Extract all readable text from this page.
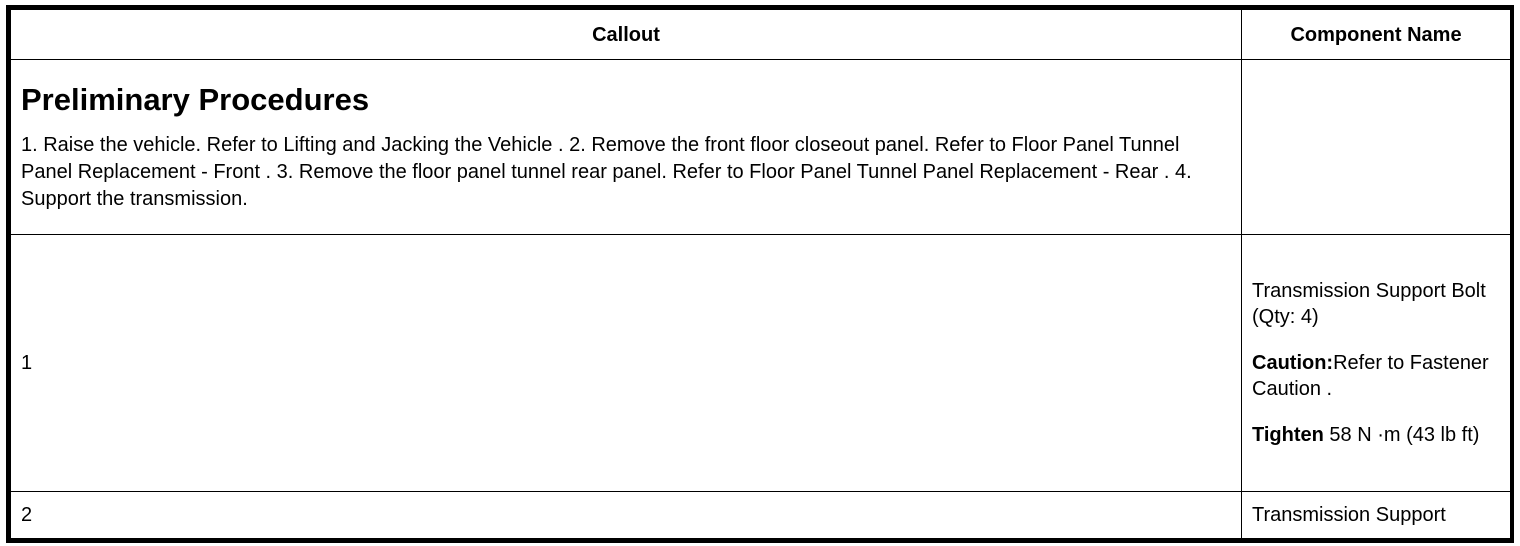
Callout	Component Name

Preliminary Procedures

1. Raise the vehicle. Refer to Lifting and Jacking the Vehicle . 2. Remove the front floor closeout panel. Refer to Floor Panel Tunnel Panel Replacement - Front . 3. Remove the floor panel tunnel rear panel. Refer to Floor Panel Tunnel Panel Replacement - Rear . 4. Support the transmission.	

1	Transmission Support Bolt (Qty: 4)

Caution:Refer to Fastener Caution .

Tighten 58 N ·m (43 lb ft)

2	Transmission Support
